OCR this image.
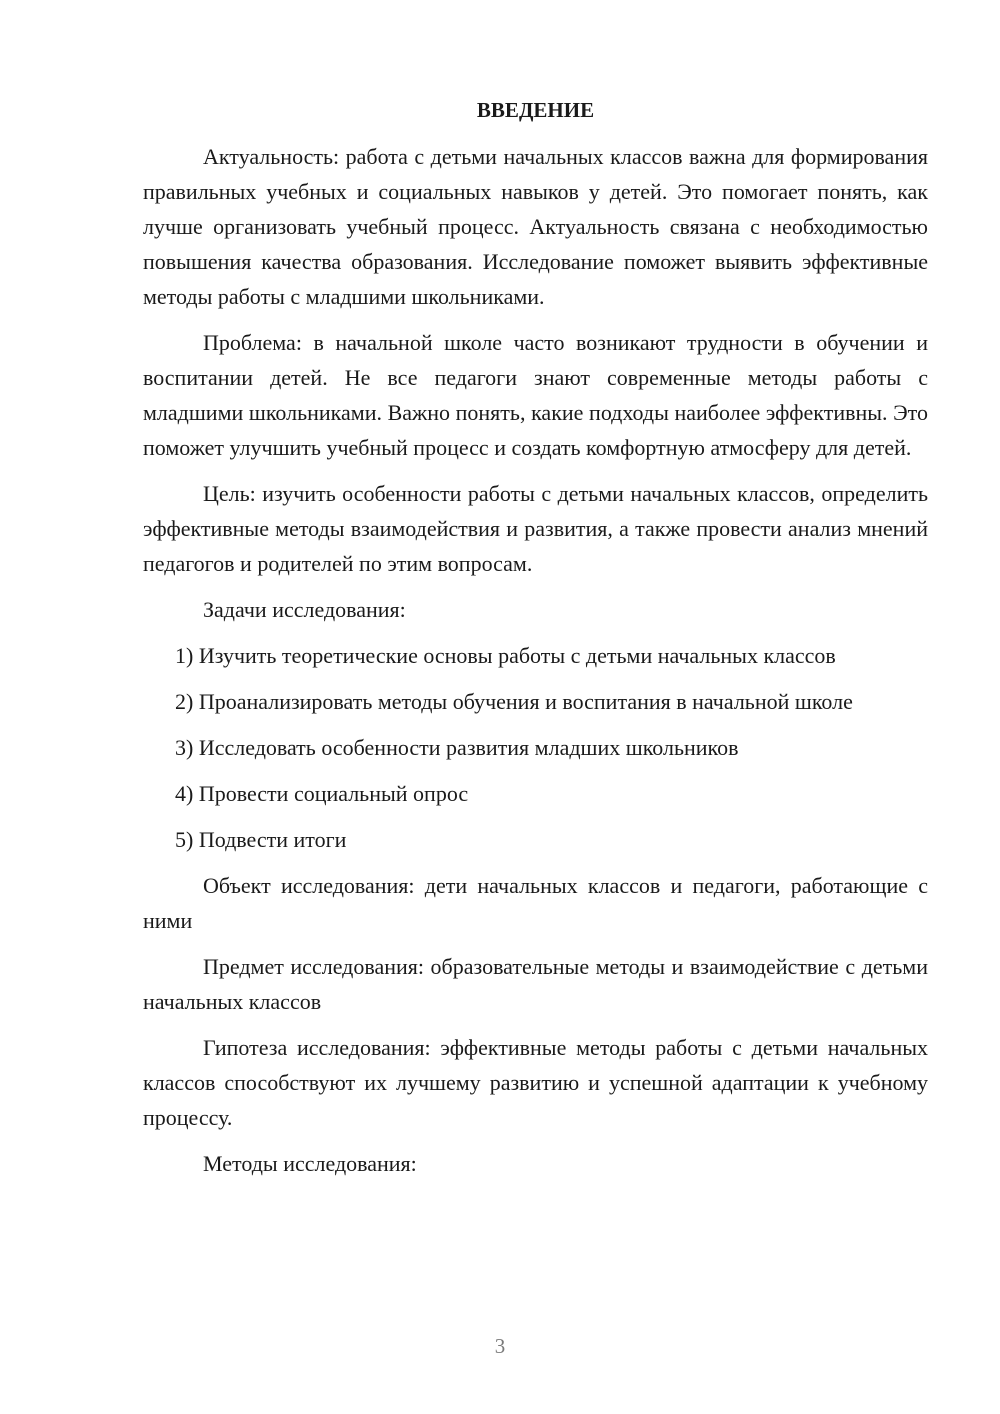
ВВЕДЕНИЕ

Актуальность: работа с детьми начальных классов важна для формирования правильных учебных и социальных навыков у детей. Это помогает понять, как лучше организовать учебный процесс. Актуальность связана с необходимостью повышения качества образования. Исследование поможет выявить эффективные методы работы с младшими школьниками.

Проблема: в начальной школе часто возникают трудности в обучении и воспитании детей. Не все педагоги знают современные методы работы с младшими школьниками. Важно понять, какие подходы наиболее эффективны. Это поможет улучшить учебный процесс и создать комфортную атмосферу для детей.

Цель: изучить особенности работы с детьми начальных классов, определить эффективные методы взаимодействия и развития, а также провести анализ мнений педагогов и родителей по этим вопросам.

Задачи исследования:

1) Изучить теоретические основы работы с детьми начальных классов

2) Проанализировать методы обучения и воспитания в начальной школе

3) Исследовать особенности развития младших школьников

4) Провести социальный опрос

5) Подвести итоги

Объект исследования: дети начальных классов и педагоги, работающие с ними

Предмет исследования: образовательные методы и взаимодействие с детьми начальных классов

Гипотеза исследования: эффективные методы работы с детьми начальных классов способствуют их лучшему развитию и успешной адаптации к учебному процессу.

Методы исследования:

3
